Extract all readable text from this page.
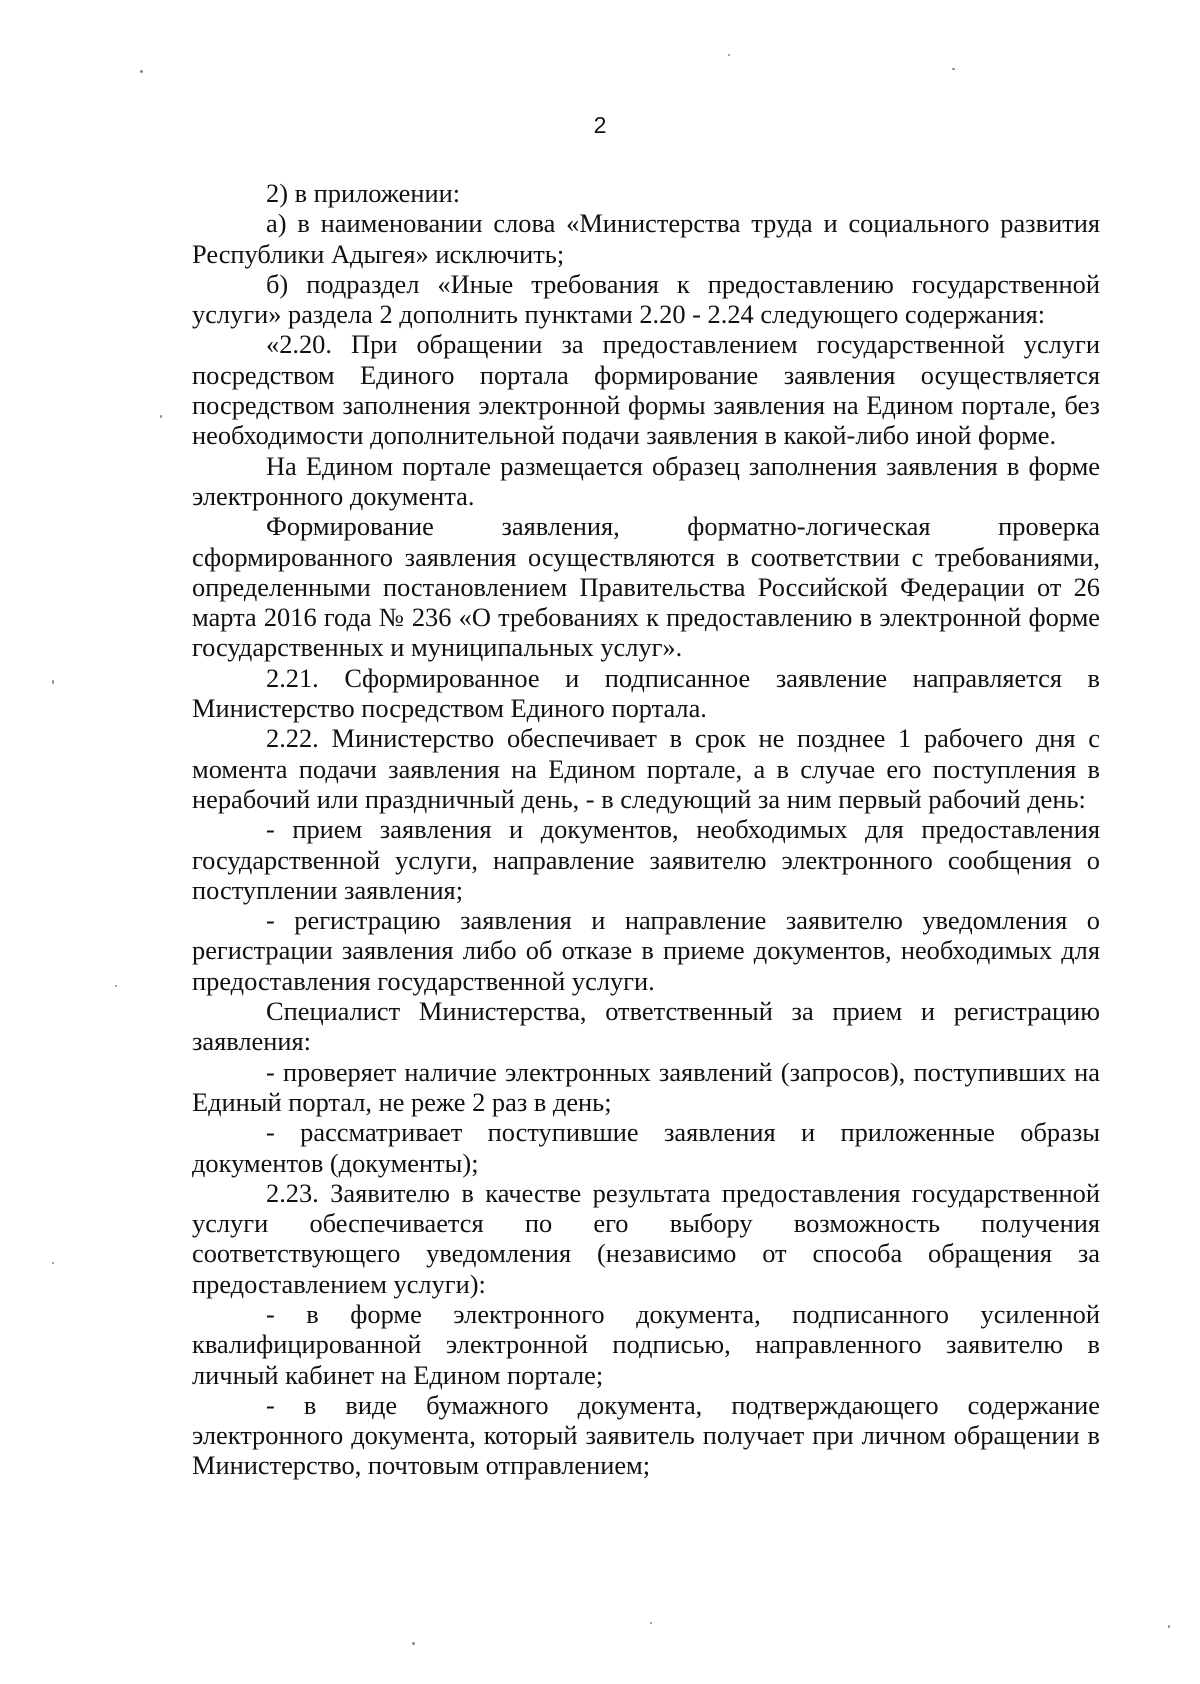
2

2) в приложении:

а) в наименовании слова «Министерства труда и социального развития Республики Адыгея» исключить;

б) подраздел «Иные требования к предоставлению государственной услуги» раздела 2 дополнить пунктами 2.20 - 2.24 следующего содержания:

«2.20. При обращении за предоставлением государственной услуги посредством Единого портала формирование заявления осуществляется посредством заполнения электронной формы заявления на Едином портале, без необходимости дополнительной подачи заявления в какой-либо иной форме.

На Едином портале размещается образец заполнения заявления в форме электронного документа.

Формирование заявления, форматно-логическая проверка сформированного заявления осуществляются в соответствии с требованиями, определенными постановлением Правительства Российской Федерации от 26 марта 2016 года № 236 «О требованиях к предоставлению в электронной форме государственных и муниципальных услуг».

2.21. Сформированное и подписанное заявление направляется в Министерство посредством Единого портала.

2.22. Министерство обеспечивает в срок не позднее 1 рабочего дня с момента подачи заявления на Едином портале, а в случае его поступления в нерабочий или праздничный день, - в следующий за ним первый рабочий день:

- прием заявления и документов, необходимых для предоставления государственной услуги, направление заявителю электронного сообщения о поступлении заявления;

- регистрацию заявления и направление заявителю уведомления о регистрации заявления либо об отказе в приеме документов, необходимых для предоставления государственной услуги.

Специалист Министерства, ответственный за прием и регистрацию заявления:

- проверяет наличие электронных заявлений (запросов), поступивших на Единый портал, не реже 2 раз в день;

- рассматривает поступившие заявления и приложенные образы документов (документы);

2.23. Заявителю в качестве результата предоставления государственной услуги обеспечивается по его выбору возможность получения соответствующего уведомления (независимо от способа обращения за предоставлением услуги):

- в форме электронного документа, подписанного усиленной квалифицированной электронной подписью, направленного заявителю в личный кабинет на Едином портале;

- в виде бумажного документа, подтверждающего содержание электронного документа, который заявитель получает при личном обращении в Министерство, почтовым отправлением;
